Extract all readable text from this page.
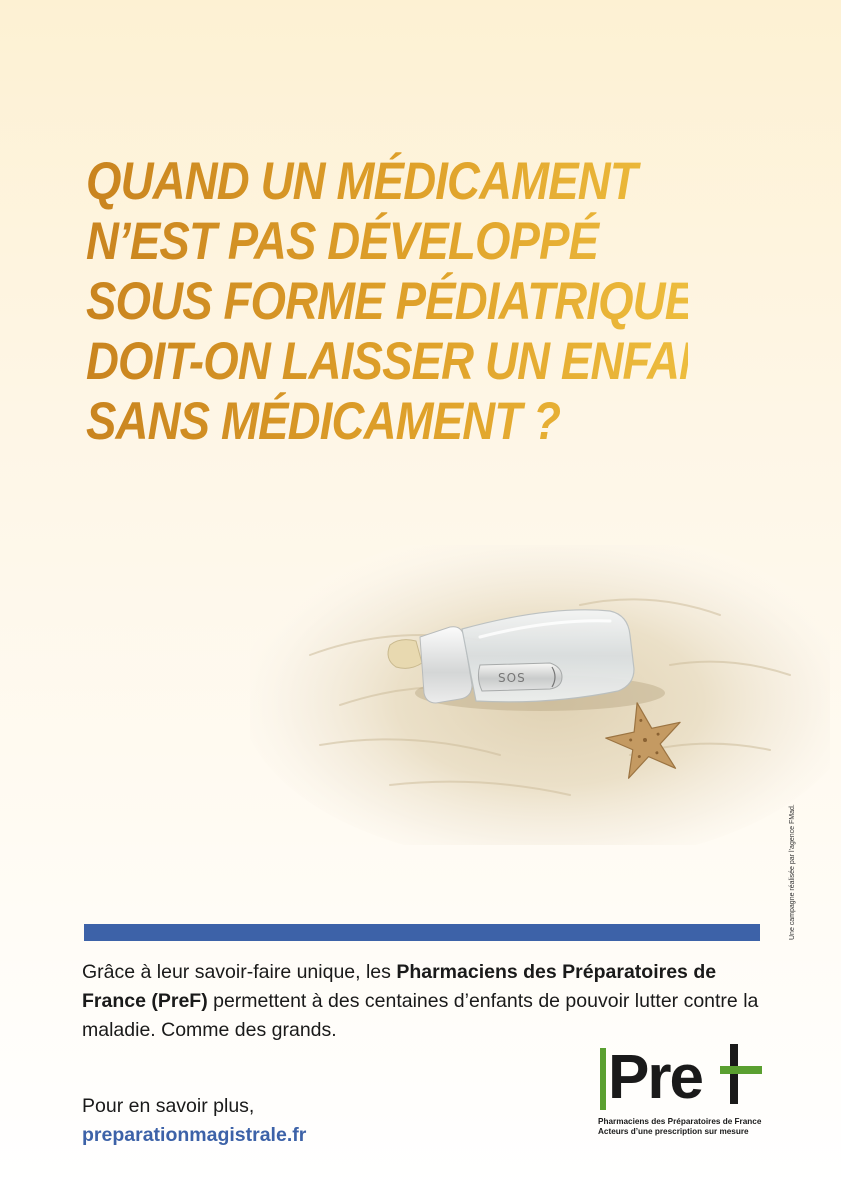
QUAND UN MÉDICAMENT
N’EST PAS DÉVELOPPÉ
SOUS FORME PÉDIATRIQUE,
DOIT-ON LAISSER UN ENFANT
SANS MÉDICAMENT ?
SOS
Une campagne réalisée par l’agence FMad.

Grâce à leur savoir-faire unique, les Pharmaciens des Préparatoires de France (PreF) permettent à des centaines d’enfants de pouvoir lutter contre la maladie. Comme des grands.

Pour en savoir plus,
preparationmagistrale.fr

Pre
Pharmaciens des Préparatoires de France
Acteurs d’une prescription sur mesure
